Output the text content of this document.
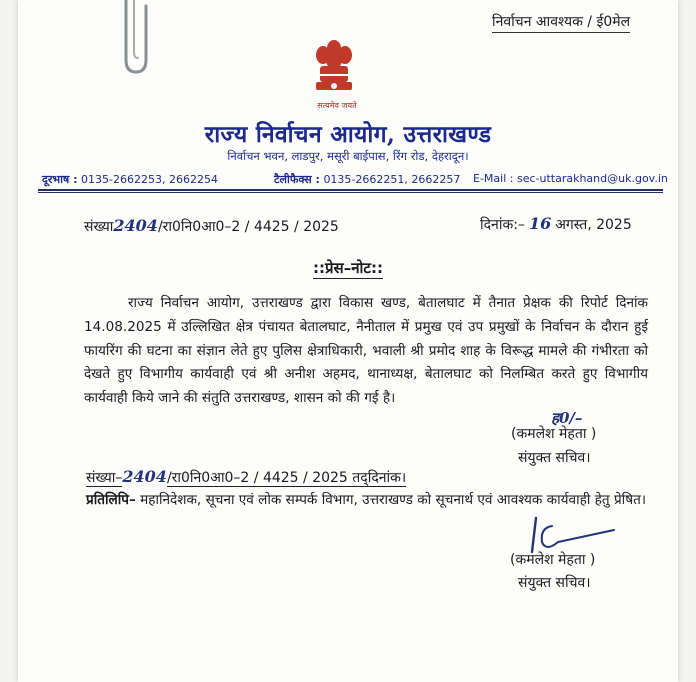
निर्वाचन आवश्यक / ई0मेल
सत्यमेव जयते
राज्य निर्वाचन आयोग, उत्तराखण्ड
निर्वाचन भवन, लाडपुर, मसूरी बाईपास, रिंग रोड, देहरादून।
दूरभाष : 0135-2662253, 2662254	टैलीफैक्स : 0135-2662251, 2662257 E-Mail : sec-uttarakhand@uk.gov.in
संख्या2404/रा0नि0आ0–2 / 4425 / 2025	दिनांक:– 16 अगस्त, 2025
::प्रेस–नोट::

राज्य निर्वाचन आयोग, उत्तराखण्ड द्वारा विकास खण्ड, बेतालघाट में तैनात प्रेक्षक की रिपोर्ट दिनांक 14.08.2025 में उल्लिखित क्षेत्र पंचायत बेतालघाट, नैनीताल में प्रमुख एवं उप प्रमुखों के निर्वाचन के दौरान हुई फायरिंग की घटना का संज्ञान लेते हुए पुलिस क्षेत्राधिकारी, भवाली श्री प्रमोद शाह के विरूद्ध मामले की गंभीरता को देखते हुए विभागीय कार्यवाही एवं श्री अनीश अहमद, थानाध्यक्ष, बेतालघाट को निलम्बित करते हुए विभागीय कार्यवाही किये जाने की संतुति उत्तराखण्ड, शासन को की गई है।

ह0/–
(कमलेश मेहता )
संयुक्त सचिव।
संख्या–2404/रा0नि0आ0–2 / 4425 / 2025 तद्‌दिनांक।

प्रतिलिपि– महानिदेशक, सूचना एवं लोक सम्पर्क विभाग, उत्तराखण्ड को सूचनार्थ एवं आवश्यक कार्यवाही हेतु प्रेषित।

(कमलेश मेहता )
संयुक्त सचिव।
